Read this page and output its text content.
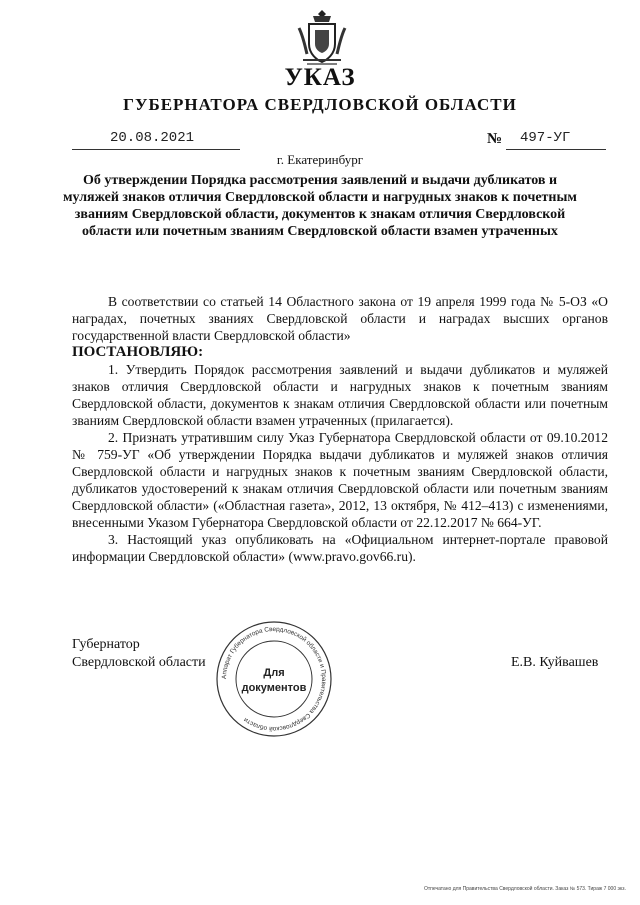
УКАЗ
ГУБЕРНАТОРА СВЕРДЛОВСКОЙ ОБЛАСТИ
20.08.2021	№ 497-УГ
г. Екатеринбург
Об утверждении Порядка рассмотрения заявлений и выдачи дубликатов и муляжей знаков отличия Свердловской области и нагрудных знаков к почетным званиям Свердловской области, документов к знакам отличия Свердловской области или почетным званиям Свердловской области взамен утраченных

В соответствии со статьей 14 Областного закона от 19 апреля 1999 года № 5-ОЗ «О наградах, почетных званиях Свердловской области и наградах высших органов государственной власти Свердловской области»

ПОСТАНОВЛЯЮ:

1. Утвердить Порядок рассмотрения заявлений и выдачи дубликатов и муляжей знаков отличия Свердловской области и нагрудных знаков к почетным званиям Свердловской области, документов к знакам отличия Свердловской области или почетным званиям Свердловской области взамен утраченных (прилагается).

2. Признать утратившим силу Указ Губернатора Свердловской области от 09.10.2012 № 759-УГ «Об утверждении Порядка выдачи дубликатов и муляжей знаков отличия Свердловской области и нагрудных знаков к почетным званиям Свердловской области, дубликатов удостоверений к знакам отличия Свердловской области или почетным званиям Свердловской области» («Областная газета», 2012, 13 октября, № 412–413) с изменениями, внесенными Указом Губернатора Свердловской области от 22.12.2017 № 664-УГ.

3. Настоящий указ опубликовать на «Официальном интернет-портале правовой информации Свердловской области» (www.pravo.gov66.ru).

Губернатор
Свердловской области	Е.В. Куйвашев
Аппарат Губернатора Свердловской области и Правительства Свердловской области
Для
документов
Отпечатано для Правительства Свердловской области. Заказ № 573. Тираж 7 000 экз.
